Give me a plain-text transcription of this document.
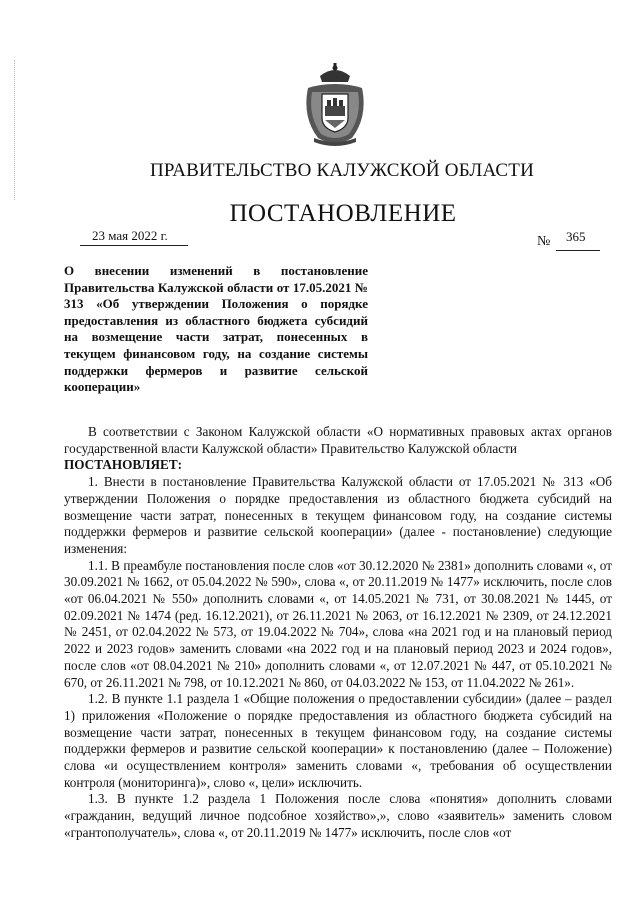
ПРАВИТЕЛЬСТВО КАЛУЖСКОЙ ОБЛАСТИ
ПОСТАНОВЛЕНИЕ
23 мая 2022 г.	№ 365
О внесении изменений в постановление Правительства Калужской области от 17.05.2021 № 313 «Об утверждении Положения о порядке предоставления из областного бюджета субсидий на возмещение части затрат, понесенных в текущем финансовом году, на создание системы поддержки фермеров и развитие сельской кооперации»

В соответствии с Законом Калужской области «О нормативных правовых актах органов государственной власти Калужской области» Правительство Калужской области

ПОСТАНОВЛЯЕТ:

1. Внести в постановление Правительства Калужской области от 17.05.2021 № 313 «Об утверждении Положения о порядке предоставления из областного бюджета субсидий на возмещение части затрат, понесенных в текущем финансовом году, на создание системы поддержки фермеров и развитие сельской кооперации» (далее - постановление) следующие изменения:

1.1. В преамбуле постановления после слов «от 30.12.2020 № 2381» дополнить словами «, от 30.09.2021 № 1662, от 05.04.2022 № 590», слова «, от 20.11.2019 № 1477» исключить, после слов «от 06.04.2021 № 550» дополнить словами «, от 14.05.2021 № 731, от 30.08.2021 № 1445, от 02.09.2021 № 1474 (ред. 16.12.2021), от 26.11.2021 № 2063, от 16.12.2021 № 2309, от 24.12.2021 № 2451, от 02.04.2022 № 573, от 19.04.2022 № 704», слова «на 2021 год и на плановый период 2022 и 2023 годов» заменить словами «на 2022 год и на плановый период 2023 и 2024 годов», после слов «от 08.04.2021 № 210» дополнить словами «, от 12.07.2021 № 447, от 05.10.2021 № 670, от 26.11.2021 № 798, от 10.12.2021 № 860, от 04.03.2022 № 153, от 11.04.2022 № 261».

1.2. В пункте 1.1 раздела 1 «Общие положения о предоставлении субсидии» (далее – раздел 1) приложения «Положение о порядке предоставления из областного бюджета субсидий на возмещение части затрат, понесенных в текущем финансовом году, на создание системы поддержки фермеров и развитие сельской кооперации» к постановлению (далее – Положение) слова «и осуществлением контроля» заменить словами «, требования об осуществлении контроля (мониторинга)», слово «, цели» исключить.

1.3. В пункте 1.2 раздела 1 Положения после слова «понятия» дополнить словами «гражданин, ведущий личное подсобное хозяйство»,», слово «заявитель» заменить словом «грантополучатель», слова «, от 20.11.2019 № 1477» исключить, после слов «от
